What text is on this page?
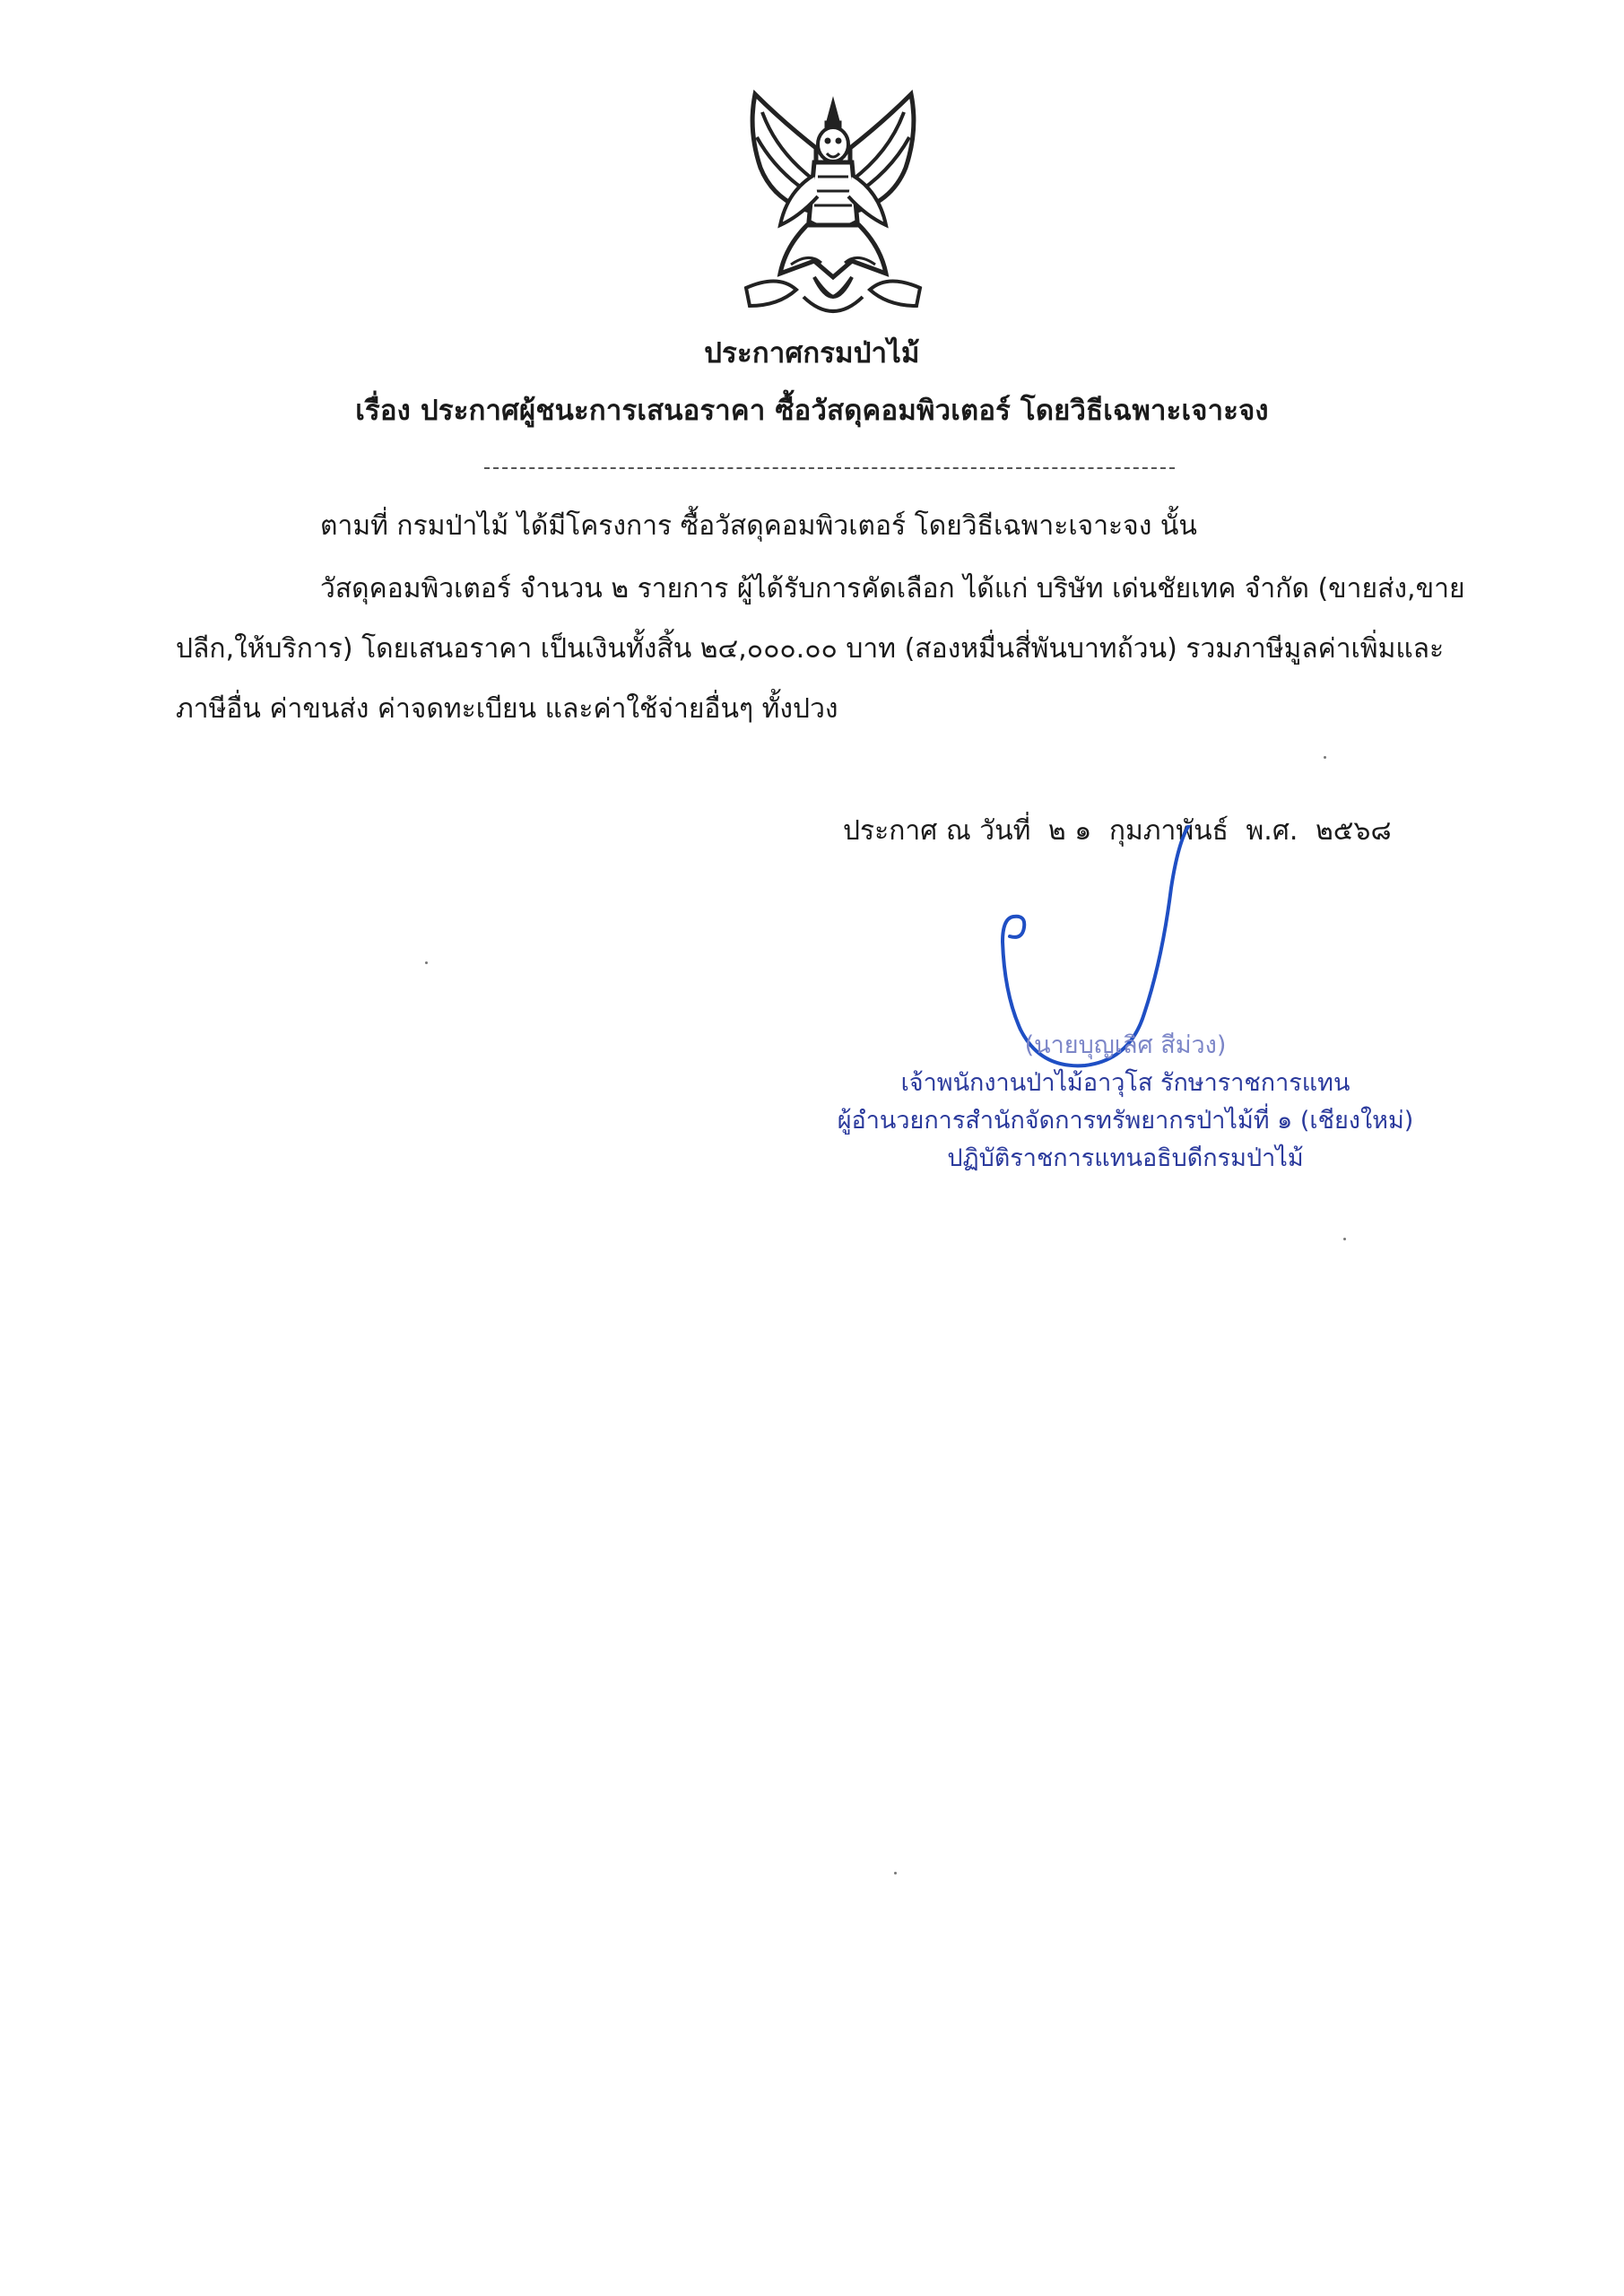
ประกาศกรมป่าไม้
เรื่อง ประกาศผู้ชนะการเสนอราคา ซื้อวัสดุคอมพิวเตอร์ โดยวิธีเฉพาะเจาะจง
ตามที่ กรมป่าไม้ ได้มีโครงการ ซื้อวัสดุคอมพิวเตอร์ โดยวิธีเฉพาะเจาะจง นั้น
วัสดุคอมพิวเตอร์ จำนวน ๒ รายการ ผู้ได้รับการคัดเลือก ได้แก่ บริษัท เด่นชัยเทค จำกัด (ขายส่ง,ขาย
ปลีก,ให้บริการ) โดยเสนอราคา เป็นเงินทั้งสิ้น ๒๔,๐๐๐.๐๐ บาท (สองหมื่นสี่พันบาทถ้วน) รวมภาษีมูลค่าเพิ่มและ
ภาษีอื่น ค่าขนส่ง ค่าจดทะเบียน และค่าใช้จ่ายอื่นๆ ทั้งปวง
ประกาศ ณ วันที่ ๒ ๑ กุมภาพันธ์ พ.ศ. ๒๕๖๘
(นายบุญเลิศ สีม่วง)
เจ้าพนักงานป่าไม้อาวุโส รักษาราชการแทน
ผู้อำนวยการสำนักจัดการทรัพยากรป่าไม้ที่ ๑ (เชียงใหม่)
ปฏิบัติราชการแทนอธิบดีกรมป่าไม้
